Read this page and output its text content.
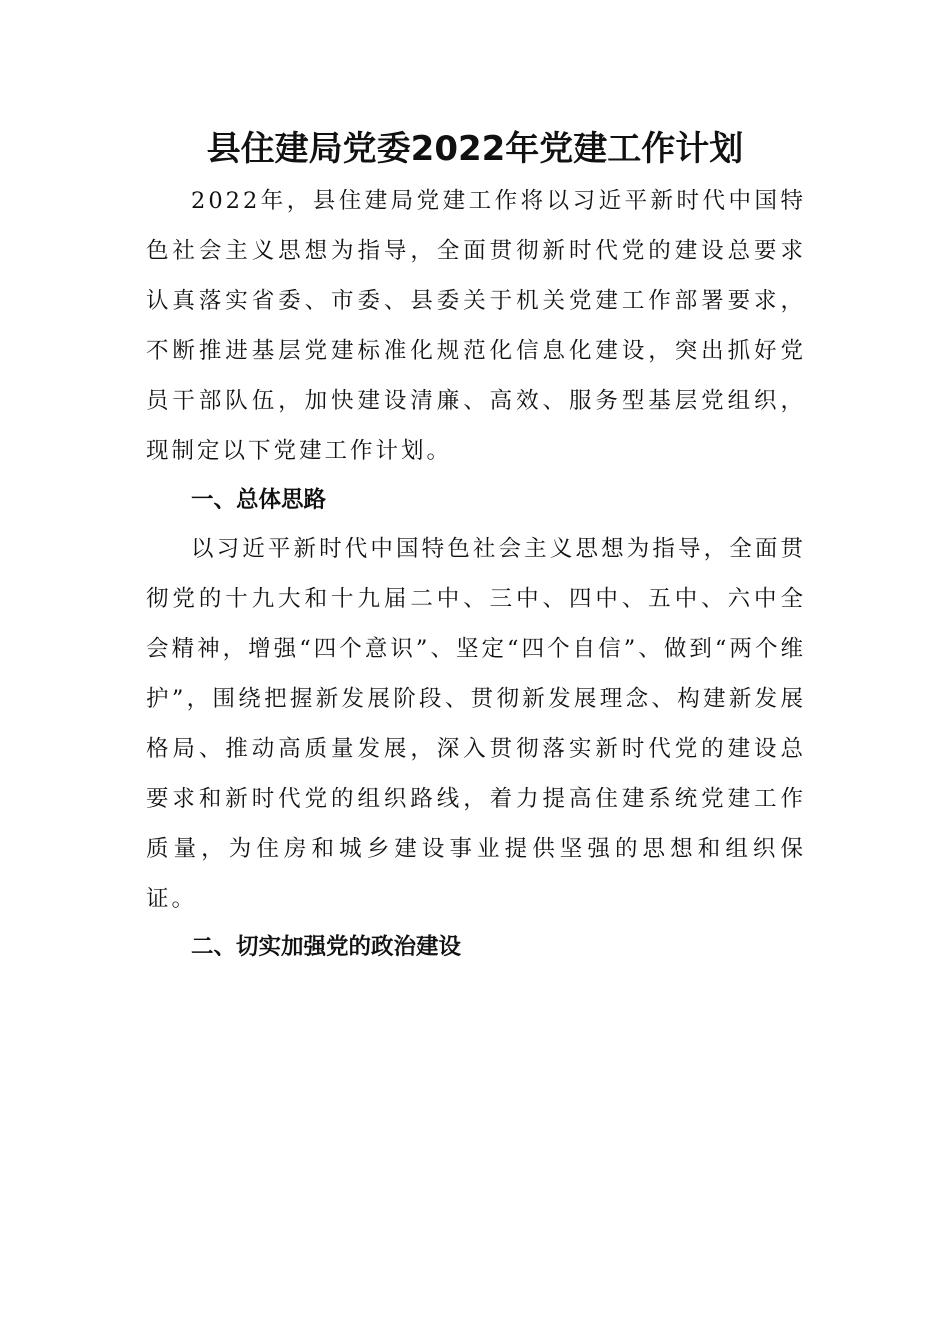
县住建局党委2022年党建工作计划

2022年，县住建局党建工作将以习近平新时代中国特色社会主义思想为指导，全面贯彻新时代党的建设总要求认真落实省委、市委、县委关于机关党建工作部署要求，不断推进基层党建标准化规范化信息化建设，突出抓好党员干部队伍，加快建设清廉、高效、服务型基层党组织，现制定以下党建工作计划。

一、总体思路

以习近平新时代中国特色社会主义思想为指导，全面贯彻党的十九大和十九届二中、三中、四中、五中、六中全会精神，增强“四个意识”、坚定“四个自信”、做到“两个维护”，围绕把握新发展阶段、贯彻新发展理念、构建新发展格局、推动高质量发展，深入贯彻落实新时代党的建设总要求和新时代党的组织路线，着力提高住建系统党建工作质量，为住房和城乡建设事业提供坚强的思想和组织保证。

二、切实加强党的政治建设
